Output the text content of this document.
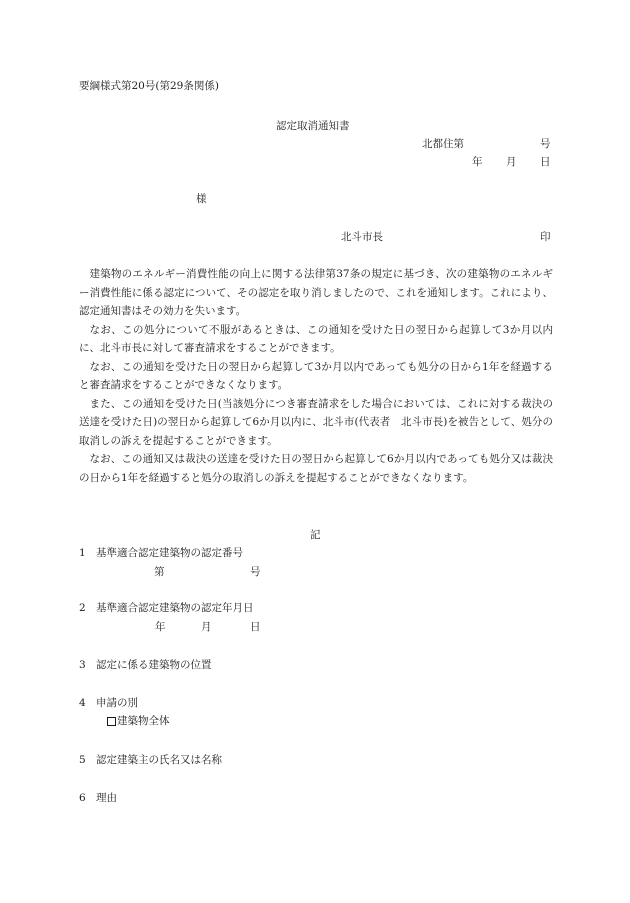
要綱様式第20号(第29条関係)
認定取消通知書
北都住第	号
年 月 日
様
北斗市長	印

建築物のエネルギー消費性能の向上に関する法律第37条の規定に基づき、次の建築物のエネルギー消費性能に係る認定について、その認定を取り消しましたので、これを通知します。これにより、認定通知書はその効力を失います。

なお、この処分について不服があるときは、この通知を受けた日の翌日から起算して3か月以内に、北斗市長に対して審査請求をすることができます。

なお、この通知を受けた日の翌日から起算して3か月以内であっても処分の日から1年を経過すると審査請求をすることができなくなります。

また、この通知を受けた日(当該処分につき審査請求をした場合においては、これに対する裁決の送達を受けた日)の翌日から起算して6か月以内に、北斗市(代表者　北斗市長)を被告として、処分の取消しの訴えを提起することができます。

なお、この通知又は裁決の送達を受けた日の翌日から起算して6か月以内であっても処分又は裁決の日から1年を経過すると処分の取消しの訴えを提起することができなくなります。

記
1 基準適合認定建築物の認定番号
第	号
2 基準適合認定建築物の認定年月日
年	月	日
3 認定に係る建築物の位置
4 申請の別
建築物全体
5 認定建築主の氏名又は名称
6 理由
